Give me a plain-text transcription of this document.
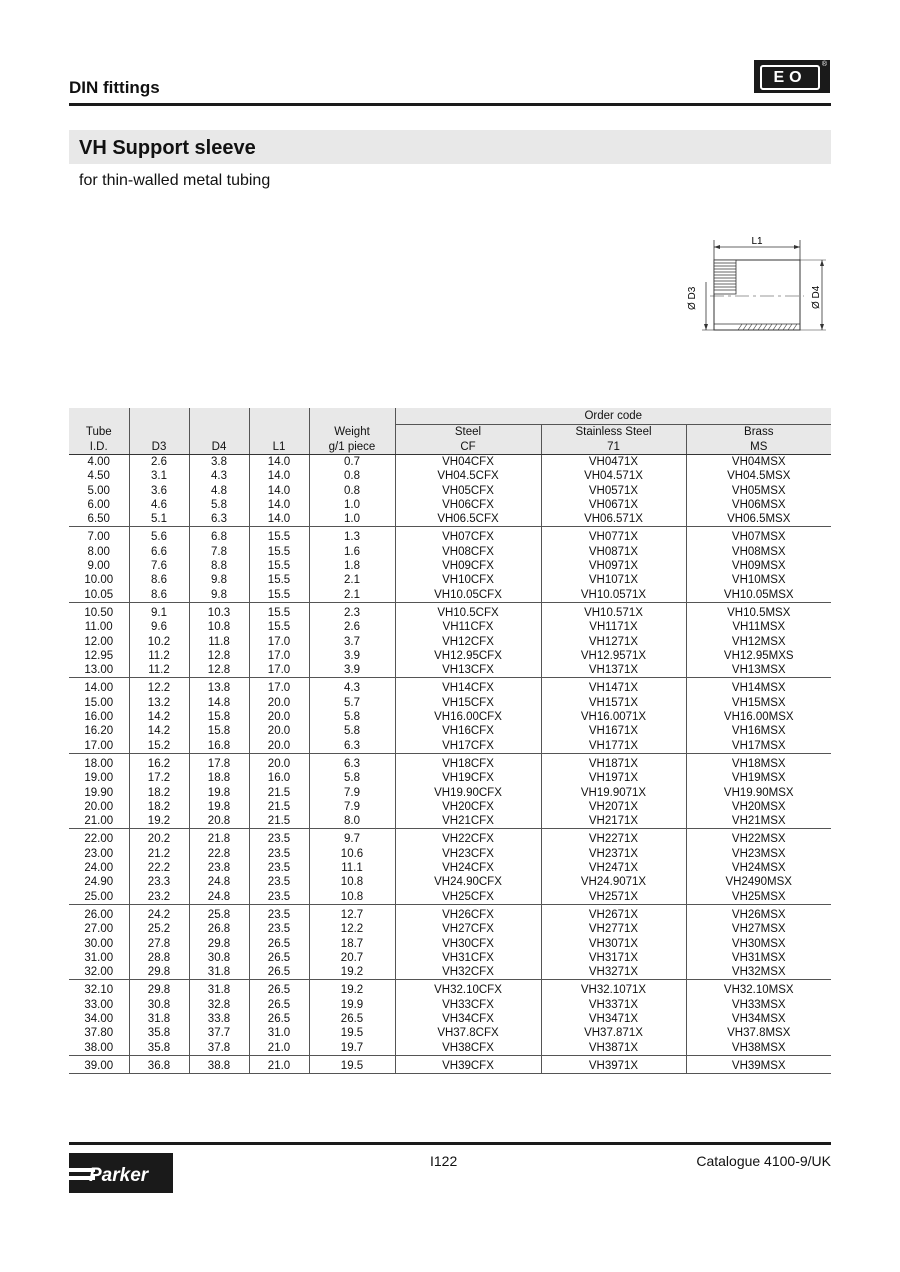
DIN fittings
EO
®
VH Support sleeve
for thin-walled metal tubing
L1
Ø D3	Ø D4
					Order code		
Tube				Weight	Steel	Stainless Steel	Brass
I.D.	D3	D4	L1	g/1 piece	CF	71	MS
4.00	2.6	3.8	14.0	0.7	VH04CFX	VH0471X	VH04MSX
4.50	3.1	4.3	14.0	0.8	VH04.5CFX	VH04.571X	VH04.5MSX
5.00	3.6	4.8	14.0	0.8	VH05CFX	VH0571X	VH05MSX
6.00	4.6	5.8	14.0	1.0	VH06CFX	VH0671X	VH06MSX
6.50	5.1	6.3	14.0	1.0	VH06.5CFX	VH06.571X	VH06.5MSX
7.00	5.6	6.8	15.5	1.3	VH07CFX	VH0771X	VH07MSX
8.00	6.6	7.8	15.5	1.6	VH08CFX	VH0871X	VH08MSX
9.00	7.6	8.8	15.5	1.8	VH09CFX	VH0971X	VH09MSX
10.00	8.6	9.8	15.5	2.1	VH10CFX	VH1071X	VH10MSX
10.05	8.6	9.8	15.5	2.1	VH10.05CFX	VH10.0571X	VH10.05MSX
10.50	9.1	10.3	15.5	2.3	VH10.5CFX	VH10.571X	VH10.5MSX
11.00	9.6	10.8	15.5	2.6	VH11CFX	VH1171X	VH11MSX
12.00	10.2	11.8	17.0	3.7	VH12CFX	VH1271X	VH12MSX
12.95	11.2	12.8	17.0	3.9	VH12.95CFX	VH12.9571X	VH12.95MXS
13.00	11.2	12.8	17.0	3.9	VH13CFX	VH1371X	VH13MSX
14.00	12.2	13.8	17.0	4.3	VH14CFX	VH1471X	VH14MSX
15.00	13.2	14.8	20.0	5.7	VH15CFX	VH1571X	VH15MSX
16.00	14.2	15.8	20.0	5.8	VH16.00CFX	VH16.0071X	VH16.00MSX
16.20	14.2	15.8	20.0	5.8	VH16CFX	VH1671X	VH16MSX
17.00	15.2	16.8	20.0	6.3	VH17CFX	VH1771X	VH17MSX
18.00	16.2	17.8	20.0	6.3	VH18CFX	VH1871X	VH18MSX
19.00	17.2	18.8	16.0	5.8	VH19CFX	VH1971X	VH19MSX
19.90	18.2	19.8	21.5	7.9	VH19.90CFX	VH19.9071X	VH19.90MSX
20.00	18.2	19.8	21.5	7.9	VH20CFX	VH2071X	VH20MSX
21.00	19.2	20.8	21.5	8.0	VH21CFX	VH2171X	VH21MSX
22.00	20.2	21.8	23.5	9.7	VH22CFX	VH2271X	VH22MSX
23.00	21.2	22.8	23.5	10.6	VH23CFX	VH2371X	VH23MSX
24.00	22.2	23.8	23.5	11.1	VH24CFX	VH2471X	VH24MSX
24.90	23.3	24.8	23.5	10.8	VH24.90CFX	VH24.9071X	VH2490MSX
25.00	23.2	24.8	23.5	10.8	VH25CFX	VH2571X	VH25MSX
26.00	24.2	25.8	23.5	12.7	VH26CFX	VH2671X	VH26MSX
27.00	25.2	26.8	23.5	12.2	VH27CFX	VH2771X	VH27MSX
30.00	27.8	29.8	26.5	18.7	VH30CFX	VH3071X	VH30MSX
31.00	28.8	30.8	26.5	20.7	VH31CFX	VH3171X	VH31MSX
32.00	29.8	31.8	26.5	19.2	VH32CFX	VH3271X	VH32MSX
32.10	29.8	31.8	26.5	19.2	VH32.10CFX	VH32.1071X	VH32.10MSX
33.00	30.8	32.8	26.5	19.9	VH33CFX	VH3371X	VH33MSX
34.00	31.8	33.8	26.5	26.5	VH34CFX	VH3471X	VH34MSX
37.80	35.8	37.7	31.0	19.5	VH37.8CFX	VH37.871X	VH37.8MSX
38.00	35.8	37.8	21.0	19.7	VH38CFX	VH3871X	VH38MSX
39.00	36.8	38.8	21.0	19.5	VH39CFX	VH3971X	VH39MSX
Parker
I122	Catalogue 4100-9/UK
